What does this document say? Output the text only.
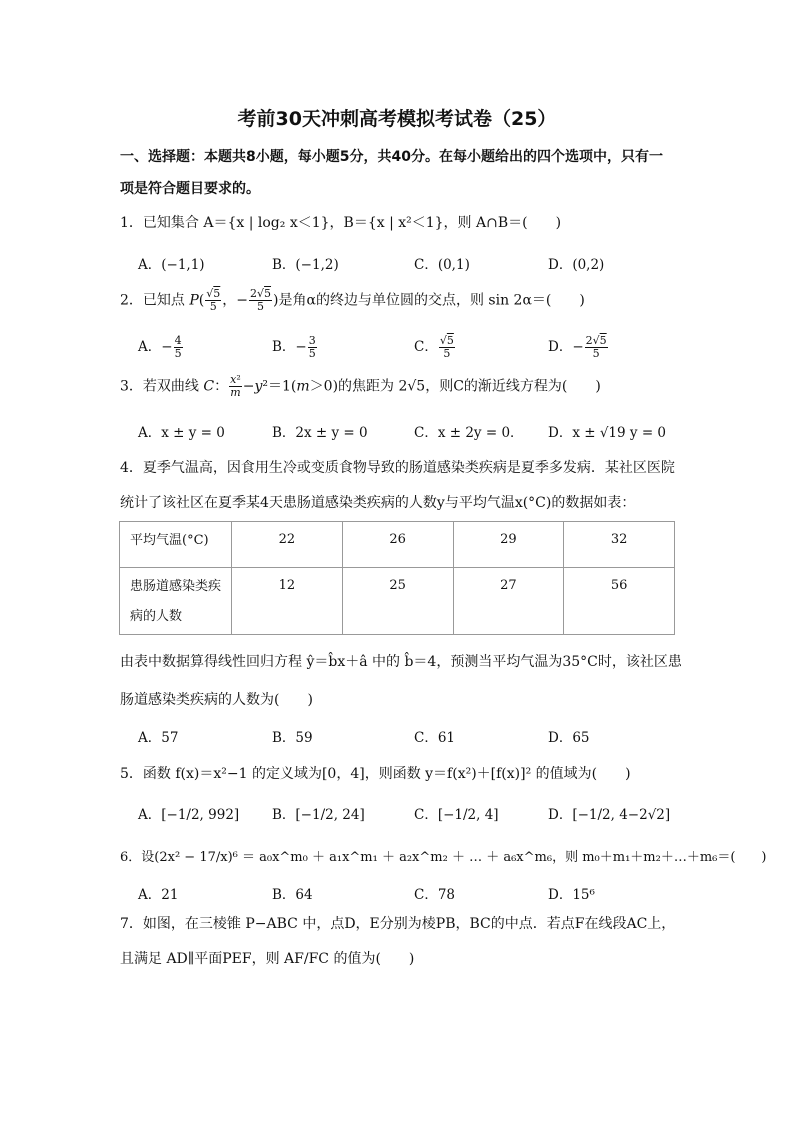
考前30天冲刺高考模拟考试卷（25）
一、选择题：本题共8小题，每小题5分，共40分。在每小题给出的四个选项中，只有一
项是符合题目要求的。
1．已知集合 A＝{x | log₂ x＜1}，B＝{x | x²＜1}，则 A∩B＝(　　)
A．(−1,1)	B．(−1,2)	C．(0,1)	D．(0,2)
2．已知点 $P( \frac{√5}{5}$ ，− $\frac{2√5}{5}$ )是角α的终边与单位圆的交点，则 sin 2α＝(　　)
A．− $\frac{4}{5}$	B．− $\frac{3}{5}$	C． $\frac{√5}{5}$	D．− $\frac{2√5}{5}$
3．若双曲线 C： $\frac{\text{x²}}{m} -y^2=1(m>0)$的焦距为 2√5，则C的渐近线方程为(　　)
A．x ± y = 0	B．2x ± y = 0	C．x ± 2y = 0． D．x ± √19 y = 0
4．夏季气温高，因食用生冷或变质食物导致的肠道感染类疾病是夏季多发病．某社区医院
统计了该社区在夏季某4天患肠道感染类疾病的人数y与平均气温x(°C)的数据如表：
平均气温(°C)	22	26	29	32

患肠道感染类疾
病的人数	12	25	27	56
由表中数据算得线性回归方程 ŷ＝b̂x＋â 中的 b̂＝4，预测当平均气温为35°C时，该社区患
肠道感染类疾病的人数为(　　)
A．57	B．59	C．61	D．65
5．函数 f(x)＝x²−1 的定义域为[0，4]，则函数 y＝f(x²)＋[f(x)]² 的值域为(　　)
A．[−1/2, 992] B．[−1/2, 24]	C．[−1/2, 4]	D．[−1/2, 4−2√2]
6．设(2x² − 17/x)⁶ ＝ a₀x^m₀ ＋ a₁x^m₁ ＋ a₂x^m₂ ＋ … ＋ a₆x^m₆，则 m₀＋m₁＋m₂＋…＋m₆＝(　　)
A．21	B．64	C．78	D．15⁶
7．如图，在三棱锥 P−ABC 中，点D，E分别为棱PB，BC的中点．若点F在线段AC上，
且满足 AD∥平面PEF，则 AF/FC 的值为(　　)
